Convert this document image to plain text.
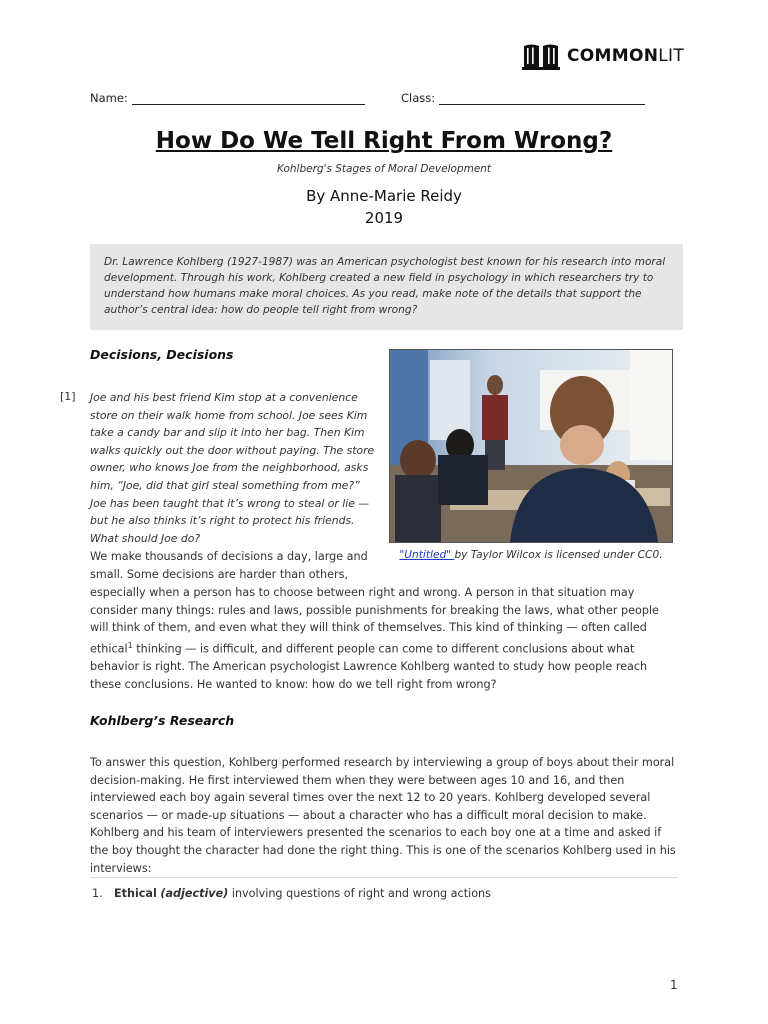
COMMONLIT
Name:	Class:
How Do We Tell Right From Wrong?
Kohlberg's Stages of Moral Development
By Anne-Marie Reidy
2019
Dr. Lawrence Kohlberg (1927-1987) was an American psychologist best known for his research into moral development. Through his work, Kohlberg created a new field in psychology in which researchers try to understand how humans make moral choices. As you read, make note of the details that support the author’s central idea: how do people tell right from wrong?
Decisions, Decisions
[1] Joe and his best friend Kim stop at a convenience store on their walk home from school. Joe sees Kim take a candy bar and slip it into her bag. Then Kim walks quickly out the door without paying. The store owner, who knows Joe from the neighborhood, asks him, “Joe, did that girl steal something from me?” Joe has been taught that it’s wrong to steal or lie — but he also thinks it’s right to protect his friends. What should Joe do?
"Untitled" by Taylor Wilcox is licensed under CC0.
We make thousands of decisions a day, large and small. Some decisions are harder than others,
especially when a person has to choose between right and wrong. A person in that situation may consider many things: rules and laws, possible punishments for breaking the laws, what other people will think of them, and even what they will think of themselves. This kind of thinking — often called ethical$^1$ thinking — is difficult, and different people can come to different conclusions about what behavior is right. The American psychologist Lawrence Kohlberg wanted to study how people reach these conclusions. He wanted to know: how do we tell right from wrong?
Kohlberg’s Research
To answer this question, Kohlberg performed research by interviewing a group of boys about their moral decision-making. He first interviewed them when they were between ages 10 and 16, and then interviewed each boy again several times over the next 12 to 20 years. Kohlberg developed several scenarios — or made-up situations — about a character who has a difficult moral decision to make. Kohlberg and his team of interviewers presented the scenarios to each boy one at a time and asked if the boy thought the character had done the right thing. This is one of the scenarios Kohlberg used in his interviews:
1. Ethical (adjective) involving questions of right and wrong actions
1
